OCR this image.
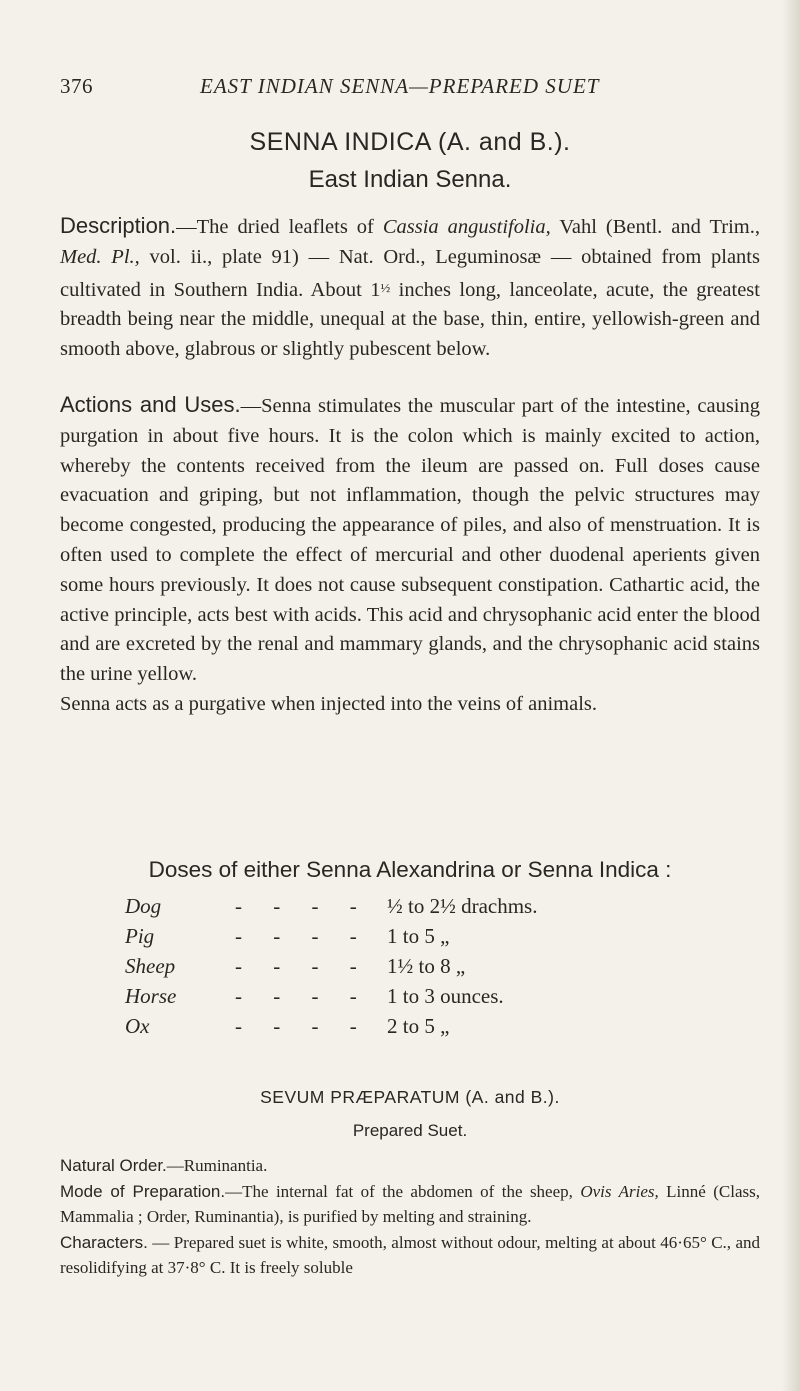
376	EAST INDIAN SENNA—PREPARED SUET
SENNA INDICA (A. and B.).
East Indian Senna.

Description.—The dried leaflets of Cassia angustifolia, Vahl (Bentl. and Trim., Med. Pl., vol. ii., plate 91) — Nat. Ord., Leguminosæ — obtained from plants cultivated in Southern India. About 1½ inches long, lanceolate, acute, the greatest breadth being near the middle, unequal at the base, thin, entire, yellowish-green and smooth above, glabrous or slightly pubescent below.

Actions and Uses.—Senna stimulates the muscular part of the intestine, causing purgation in about five hours. It is the colon which is mainly excited to action, whereby the contents received from the ileum are passed on. Full doses cause evacuation and griping, but not inflammation, though the pelvic structures may become congested, producing the appearance of piles, and also of menstruation. It is often used to complete the effect of mercurial and other duodenal aperients given some hours previously. It does not cause subsequent constipation. Cathartic acid, the active principle, acts best with acids. This acid and chrysophanic acid enter the blood and are excreted by the renal and mammary glands, and the chrysophanic acid stains the urine yellow.

Senna acts as a purgative when injected into the veins of animals.

Doses of either Senna Alexandrina or Senna Indica :
Dog	- - - - ½ to 2½ drachms.
Pig	- - - - 1 to 5 „
Sheep	- - - - 1½ to 8 „
Horse	- - - - 1 to 3 ounces.
Ox	- - - - 2 to 5 „
SEVUM PRÆPARATUM (A. and B.).
Prepared Suet.

Natural Order.—Ruminantia.

Mode of Preparation.—The internal fat of the abdomen of the sheep, Ovis Aries, Linné (Class, Mammalia ; Order, Ruminantia), is purified by melting and straining.

Characters. — Prepared suet is white, smooth, almost without odour, melting at about 46·65° C., and resolidifying at 37·8° C. It is freely soluble
